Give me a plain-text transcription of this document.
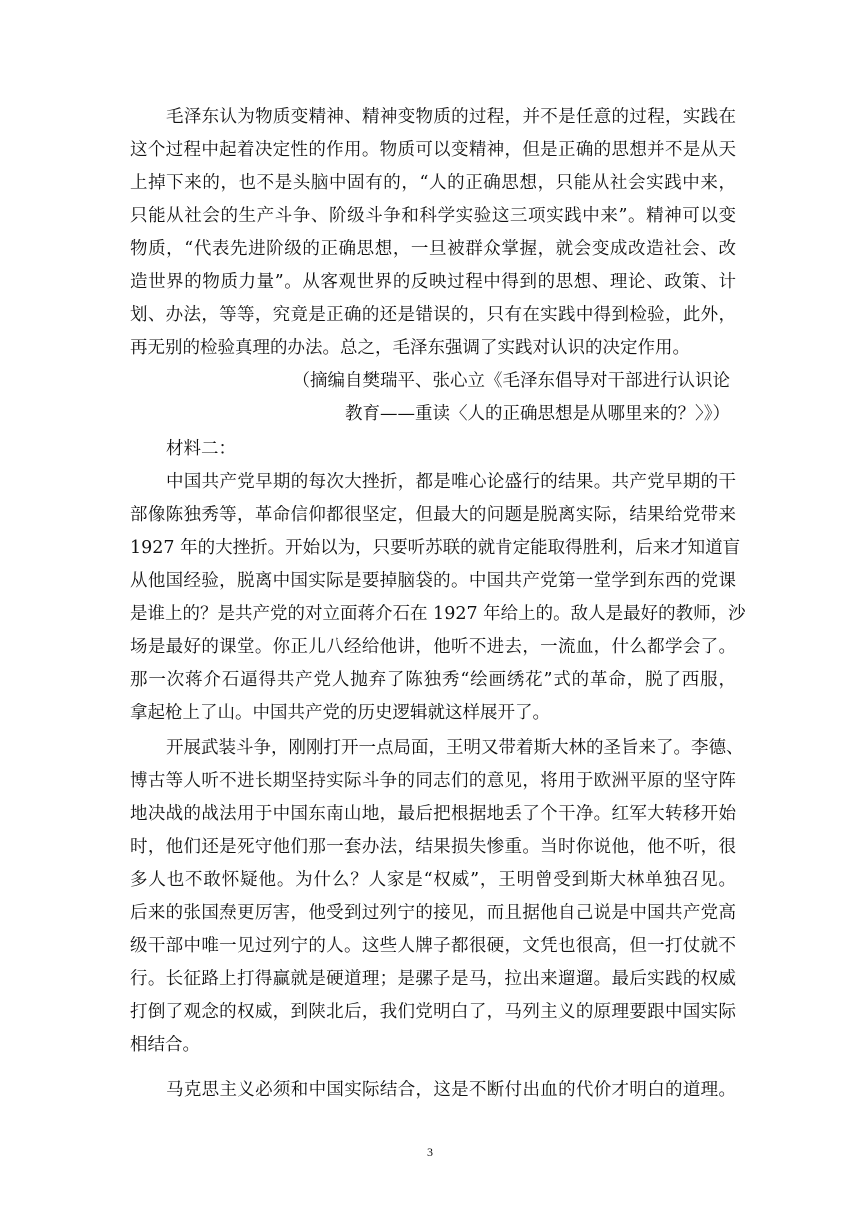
毛泽东认为物质变精神、精神变物质的过程，并不是任意的过程，实践在
这个过程中起着决定性的作用。物质可以变精神，但是正确的思想并不是从天
上掉下来的，也不是头脑中固有的，“人的正确思想，只能从社会实践中来，
只能从社会的生产斗争、阶级斗争和科学实验这三项实践中来”。精神可以变
物质，“代表先进阶级的正确思想，一旦被群众掌握，就会变成改造社会、改
造世界的物质力量”。从客观世界的反映过程中得到的思想、理论、政策、计
划、办法，等等，究竟是正确的还是错误的，只有在实践中得到检验，此外，
再无别的检验真理的办法。总之，毛泽东强调了实践对认识的决定作用。
（摘编自樊瑞平、张心立《毛泽东倡导对干部进行认识论
教育——重读〈人的正确思想是从哪里来的？〉》）
材料二：
中国共产党早期的每次大挫折，都是唯心论盛行的结果。共产党早期的干
部像陈独秀等，革命信仰都很坚定，但最大的问题是脱离实际，结果给党带来
1927 年的大挫折。开始以为，只要听苏联的就肯定能取得胜利，后来才知道盲
从他国经验，脱离中国实际是要掉脑袋的。中国共产党第一堂学到东西的党课
是谁上的？是共产党的对立面蒋介石在 1927 年给上的。敌人是最好的教师，沙
场是最好的课堂。你正儿八经给他讲，他听不进去，一流血，什么都学会了。
那一次蒋介石逼得共产党人抛弃了陈独秀“绘画绣花”式的革命，脱了西服，
拿起枪上了山。中国共产党的历史逻辑就这样展开了。
开展武装斗争，刚刚打开一点局面，王明又带着斯大林的圣旨来了。李德、
博古等人听不进长期坚持实际斗争的同志们的意见，将用于欧洲平原的坚守阵
地决战的战法用于中国东南山地，最后把根据地丢了个干净。红军大转移开始
时，他们还是死守他们那一套办法，结果损失惨重。当时你说他，他不听，很
多人也不敢怀疑他。为什么？人家是“权威”，王明曾受到斯大林单独召见。
后来的张国焘更厉害，他受到过列宁的接见，而且据他自己说是中国共产党高
级干部中唯一见过列宁的人。这些人牌子都很硬，文凭也很高，但一打仗就不
行。长征路上打得赢就是硬道理；是骡子是马，拉出来遛遛。最后实践的权威
打倒了观念的权威，到陕北后，我们党明白了，马列主义的原理要跟中国实际
相结合。
马克思主义必须和中国实际结合，这是不断付出血的代价才明白的道理。
3
